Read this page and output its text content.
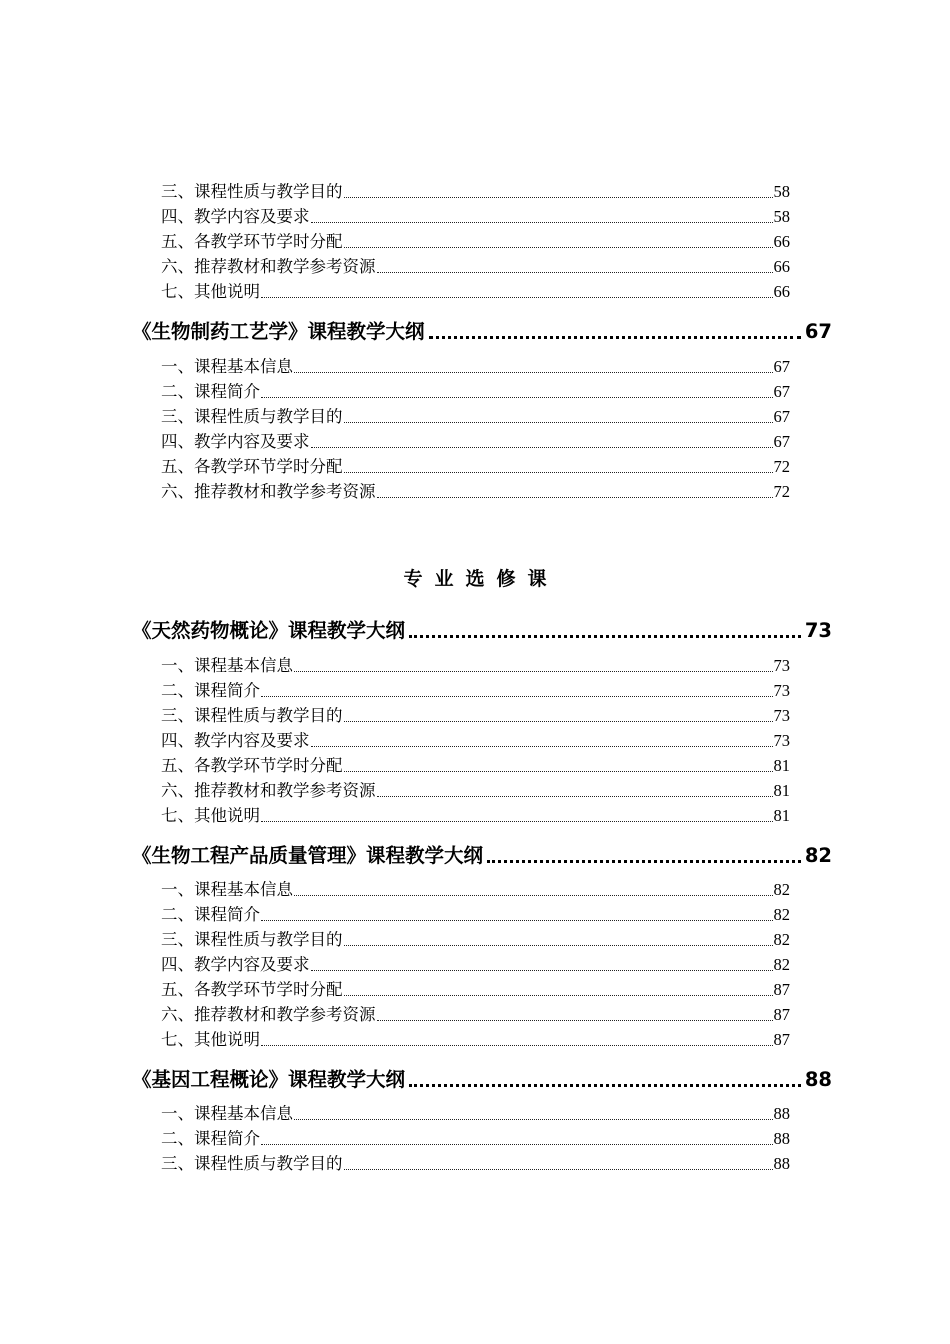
三、课程性质与教学目的	58
四、教学内容及要求	58
五、各教学环节学时分配	66
六、推荐教材和教学参考资源	66
七、其他说明	66
《生物制药工艺学》课程教学大纲	67
一、课程基本信息	67
二、课程简介	67
三、课程性质与教学目的	67
四、教学内容及要求	67
五、各教学环节学时分配	72
六、推荐教材和教学参考资源	72
《天然药物概论》课程教学大纲	73
一、课程基本信息	73
二、课程简介	73
三、课程性质与教学目的	73
四、教学内容及要求	73
五、各教学环节学时分配	81
六、推荐教材和教学参考资源	81
七、其他说明	81
《生物工程产品质量管理》课程教学大纲	82
一、课程基本信息	82
二、课程简介	82
三、课程性质与教学目的	82
四、教学内容及要求	82
五、各教学环节学时分配	87
六、推荐教材和教学参考资源	87
七、其他说明	87
《基因工程概论》课程教学大纲	88
一、课程基本信息	88
二、课程简介	88
三、课程性质与教学目的	88
专业选修课
